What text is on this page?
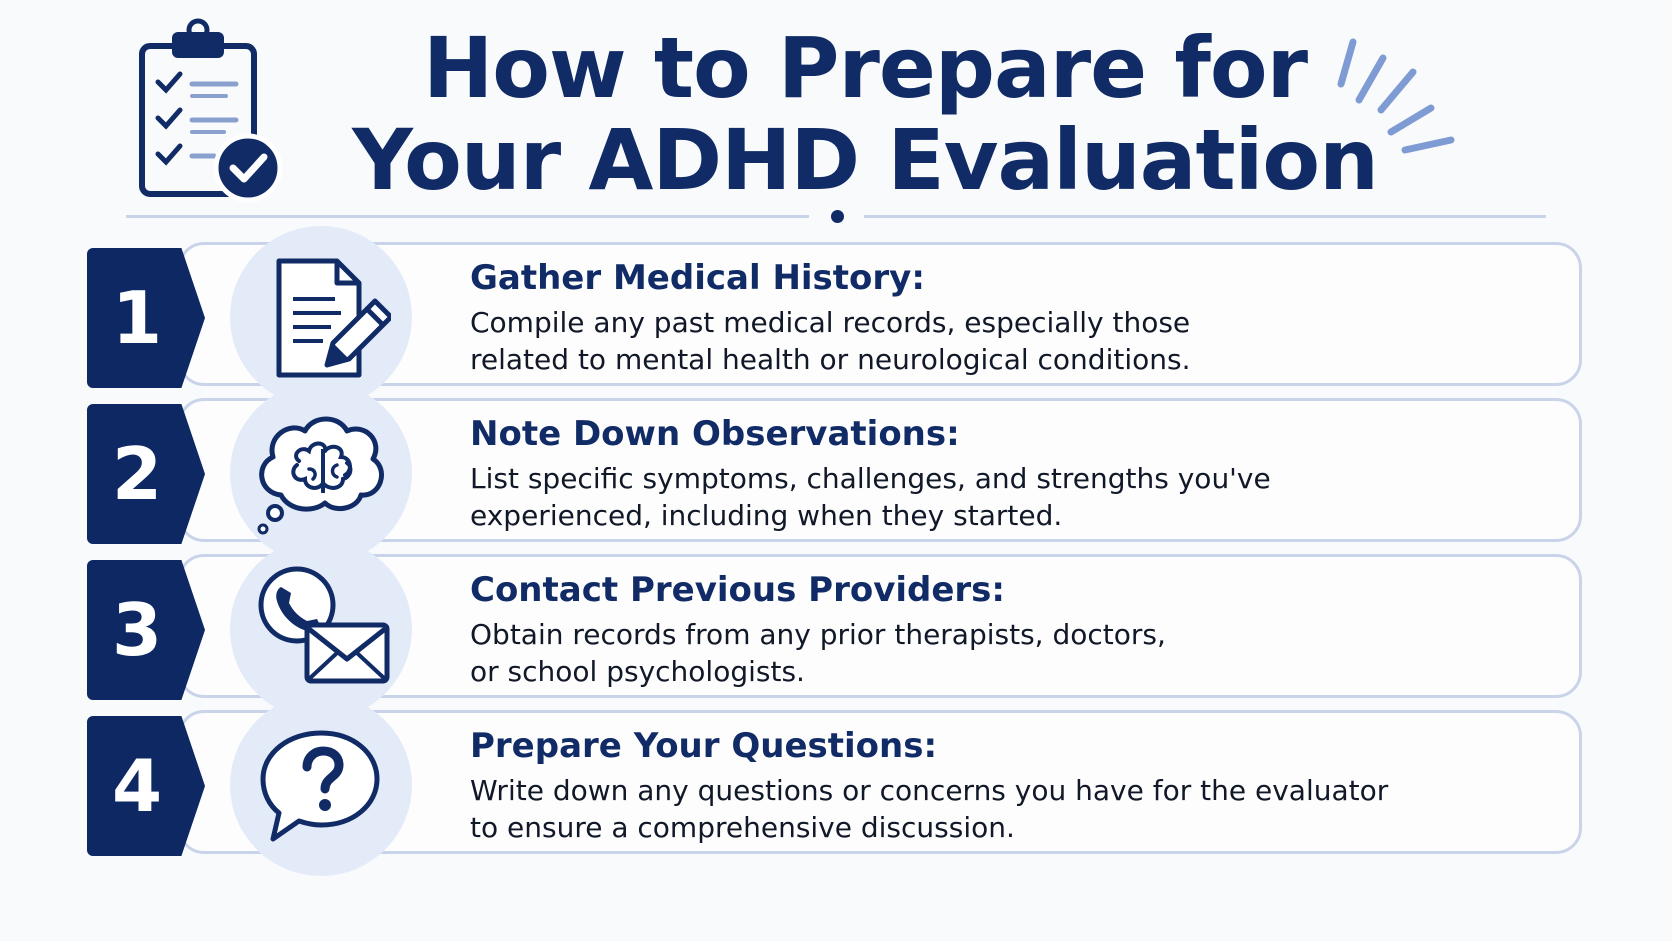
How to Prepare for
Your ADHD Evaluation
1	Gather Medical History:
Compile any past medical records, especially those
related to mental health or neurological conditions.
2	Note Down Observations:
List specific symptoms, challenges, and strengths you've
experienced, including when they started.
3	Contact Previous Providers:
Obtain records from any prior therapists, doctors,
or school psychologists.
4	Prepare Your Questions:
Write down any questions or concerns you have for the evaluator
to ensure a comprehensive discussion.
